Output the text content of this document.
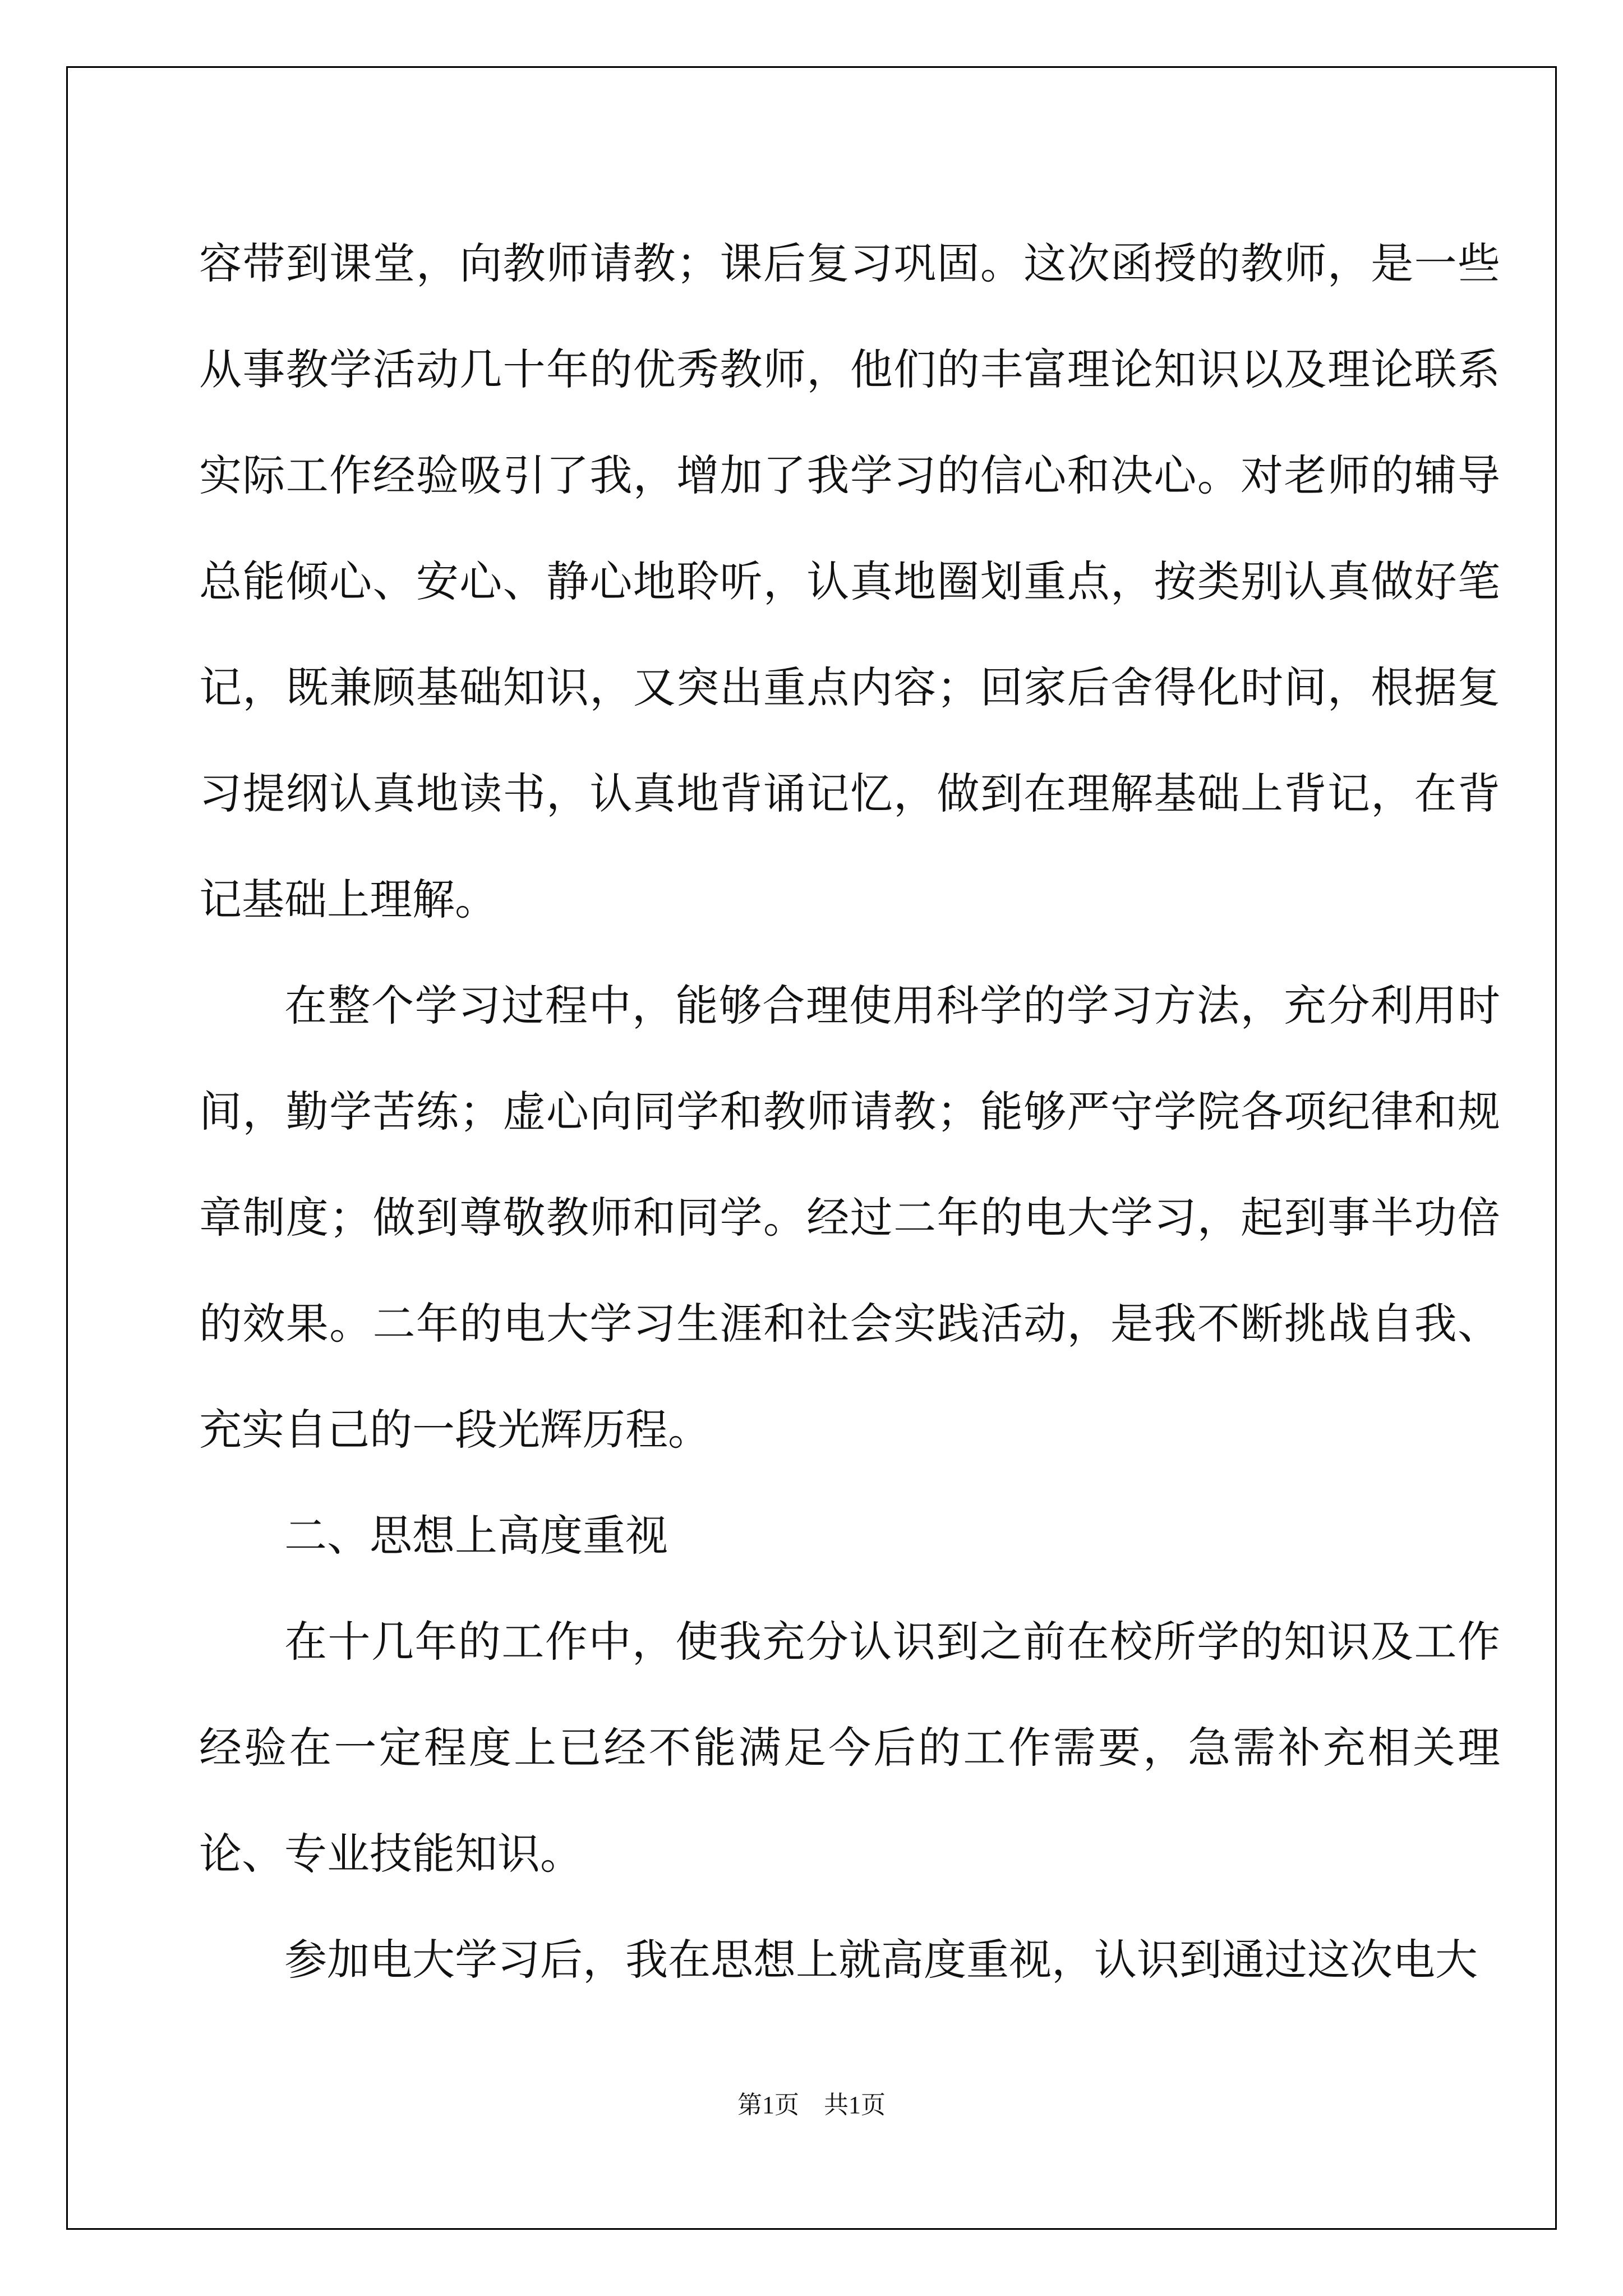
容带到课堂，向教师请教；课后复习巩固。这次函授的教师，是一些从事教学活动几十年的优秀教师，他们的丰富理论知识以及理论联系实际工作经验吸引了我，增加了我学习的信心和决心。对老师的辅导总能倾心、安心、静心地聆听，认真地圈划重点，按类别认真做好笔记，既兼顾基础知识，又突出重点内容；回家后舍得化时间，根据复习提纲认真地读书，认真地背诵记忆，做到在理解基础上背记，在背记基础上理解。

在整个学习过程中，能够合理使用科学的学习方法，充分利用时间，勤学苦练；虚心向同学和教师请教；能够严守学院各项纪律和规章制度；做到尊敬教师和同学。经过二年的电大学习，起到事半功倍的效果。二年的电大学习生涯和社会实践活动，是我不断挑战自我、充实自己的一段光辉历程。

二、思想上高度重视

在十几年的工作中，使我充分认识到之前在校所学的知识及工作经验在一定程度上已经不能满足今后的工作需要，急需补充相关理论、专业技能知识。

参加电大学习后，我在思想上就高度重视，认识到通过这次电大

第1页　共1页
